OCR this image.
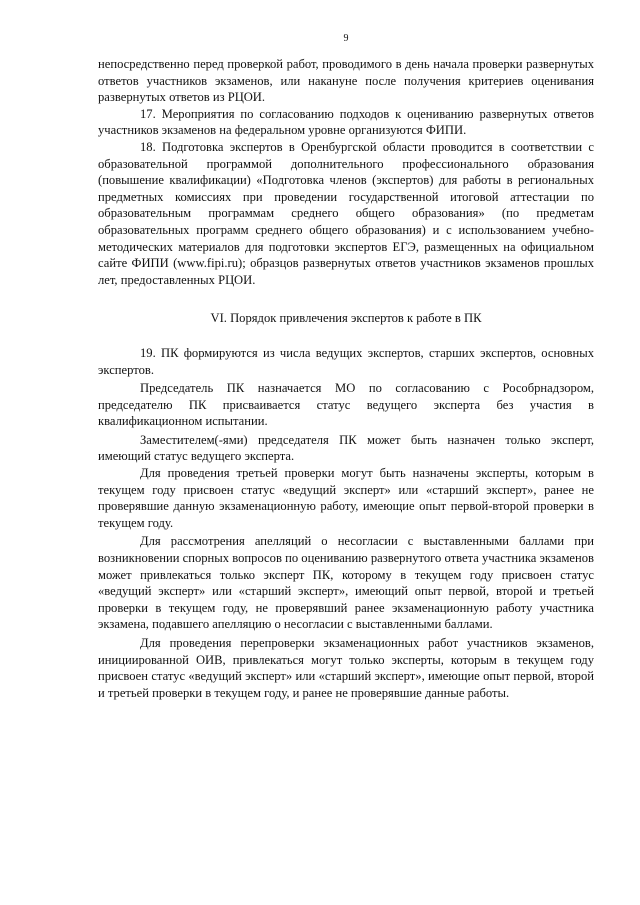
9

непосредственно перед проверкой работ, проводимого в день начала проверки развернутых ответов участников экзаменов, или накануне после получения критериев оценивания развернутых ответов из РЦОИ.

17. Мероприятия по согласованию подходов к оцениванию развернутых ответов участников экзаменов на федеральном уровне организуются ФИПИ.

18. Подготовка экспертов в Оренбургской области проводится в соответствии с образовательной программой дополнительного профессионального образования (повышение квалификации) «Подготовка членов (экспертов) для работы в региональных предметных комиссиях при проведении государственной итоговой аттестации по образовательным программам среднего общего образования» (по предметам образовательных программ среднего общего образования) и с использованием учебно-методических материалов для подготовки экспертов ЕГЭ, размещенных на официальном сайте ФИПИ (www.fipi.ru); образцов развернутых ответов участников экзаменов прошлых лет, предоставленных РЦОИ.

VI. Порядок привлечения экспертов к работе в ПК

19. ПК формируются из числа ведущих экспертов, старших экспертов, основных экспертов.

Председатель ПК назначается МО по согласованию с Рособрнадзором, председателю ПК присваивается статус ведущего эксперта без участия в квалификационном испытании.

Заместителем(-ями) председателя ПК может быть назначен только эксперт, имеющий статус ведущего эксперта.

Для проведения третьей проверки могут быть назначены эксперты, которым в текущем году присвоен статус «ведущий эксперт» или «старший эксперт», ранее не проверявшие данную экзаменационную работу, имеющие опыт первой-второй проверки в текущем году.

Для рассмотрения апелляций о несогласии с выставленными баллами при возникновении спорных вопросов по оцениванию развернутого ответа участника экзаменов может привлекаться только эксперт ПК, которому в текущем году присвоен статус «ведущий эксперт» или «старший эксперт», имеющий опыт первой, второй и третьей проверки в текущем году, не проверявший ранее экзаменационную работу участника экзамена, подавшего апелляцию о несогласии с выставленными баллами.

Для проведения перепроверки экзаменационных работ участников экзаменов, инициированной ОИВ, привлекаться могут только эксперты, которым в текущем году присвоен статус «ведущий эксперт» или «старший эксперт», имеющие опыт первой, второй и третьей проверки в текущем году, и ранее не проверявшие данные работы.
